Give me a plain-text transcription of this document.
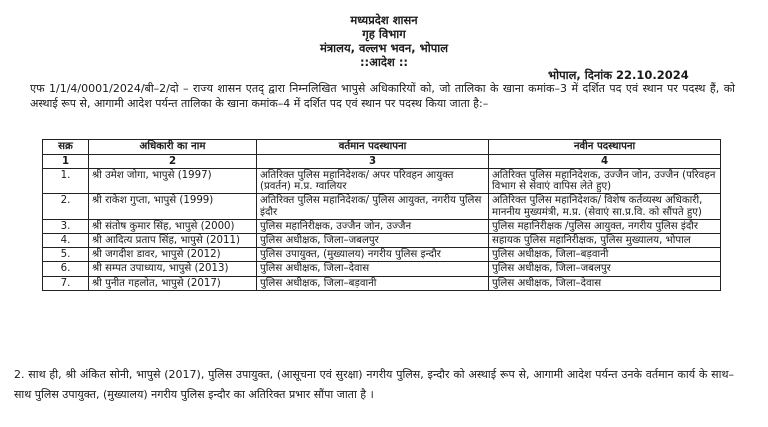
मध्यप्रदेश शासन
गृह विभाग
मंत्रालय, वल्लभ भवन, भोपाल
::आदेश ::
भोपाल, दिनांक 22.10.2024
एफ 1/1/4/0001/2024/बी–2/दो – राज्य शासन एतद् द्वारा निम्नलिखित भापुसे अधिकारियों को, जो तालिका के खाना कमांक–3 में दर्शित पद एवं स्थान पर पदस्थ हैं, को अस्थाई रूप से, आगामी आदेश पर्यन्त तालिका के खाना कमांक–4 में दर्शित पद एवं स्थान पर पदस्थ किया जाता है:–
सक्र	अधिकारी का नाम	वर्तमान पदस्थापना	नवीन पदस्थापना
1	2	3	4
1.	श्री उमेश जोगा, भापुसे (1997)	अतिरिक्त पुलिस महानिदेशक/ अपर परिवहन आयुक्त (प्रवर्तन) म.प्र. ग्वालियर	अतिरिक्त पुलिस महानिदेशक, उज्जैन जोन, उज्जैन (परिवहन विभाग से सेवाएं वापिस लेते हुए)
2.	श्री राकेश गुप्ता, भापुसे (1999)	अतिरिक्त पुलिस महानिदेशक/ पुलिस आयुक्त, नगरीय पुलिस इंदौर	अतिरिक्त पुलिस महानिदेशक/ विशेष कर्तव्यस्थ अधिकारी, माननीय मुख्यमंत्री, म.प्र. (सेवाएं सा.प्र.वि. को सौंपते हुए)
3.	श्री संतोष कुमार सिंह, भापुसे (2000)	पुलिस महानिरीक्षक, उज्जैन जोन, उज्जैन	पुलिस महानिरीक्षक /पुलिस आयुक्त, नगरीय पुलिस इंदौर
4.	श्री आदित्य प्रताप सिंह, भापुसे (2011)	पुलिस अधीक्षक, जिला–जबलपुर	सहायक पुलिस महानिरीक्षक, पुलिस मुख्यालय, भोपाल
5.	श्री जगदीश डावर, भापुसे (2012)	पुलिस उपायुक्त, (मुख्यालय) नगरीय पुलिस इन्दौर	पुलिस अधीक्षक, जिला–बड़वानी
6.	श्री सम्पत उपाध्याय, भापुसे (2013)	पुलिस अधीक्षक, जिला–देवास	पुलिस अधीक्षक, जिला–जबलपुर
7.	श्री पुनीत गहलोत, भापुसे (2017)	पुलिस अधीक्षक, जिला–बड़वानी	पुलिस अधीक्षक, जिला–देवास
2. साथ ही, श्री अंकित सोनी, भापुसे (2017), पुलिस उपायुक्त, (आसूचना एवं सुरक्षा) नगरीय पुलिस, इन्दौर को अस्थाई रूप से, आगामी आदेश पर्यन्त उनके वर्तमान कार्य के साथ–साथ पुलिस उपायुक्त, (मुख्यालय) नगरीय पुलिस इन्दौर का अतिरिक्त प्रभार सौंपा जाता है ।
